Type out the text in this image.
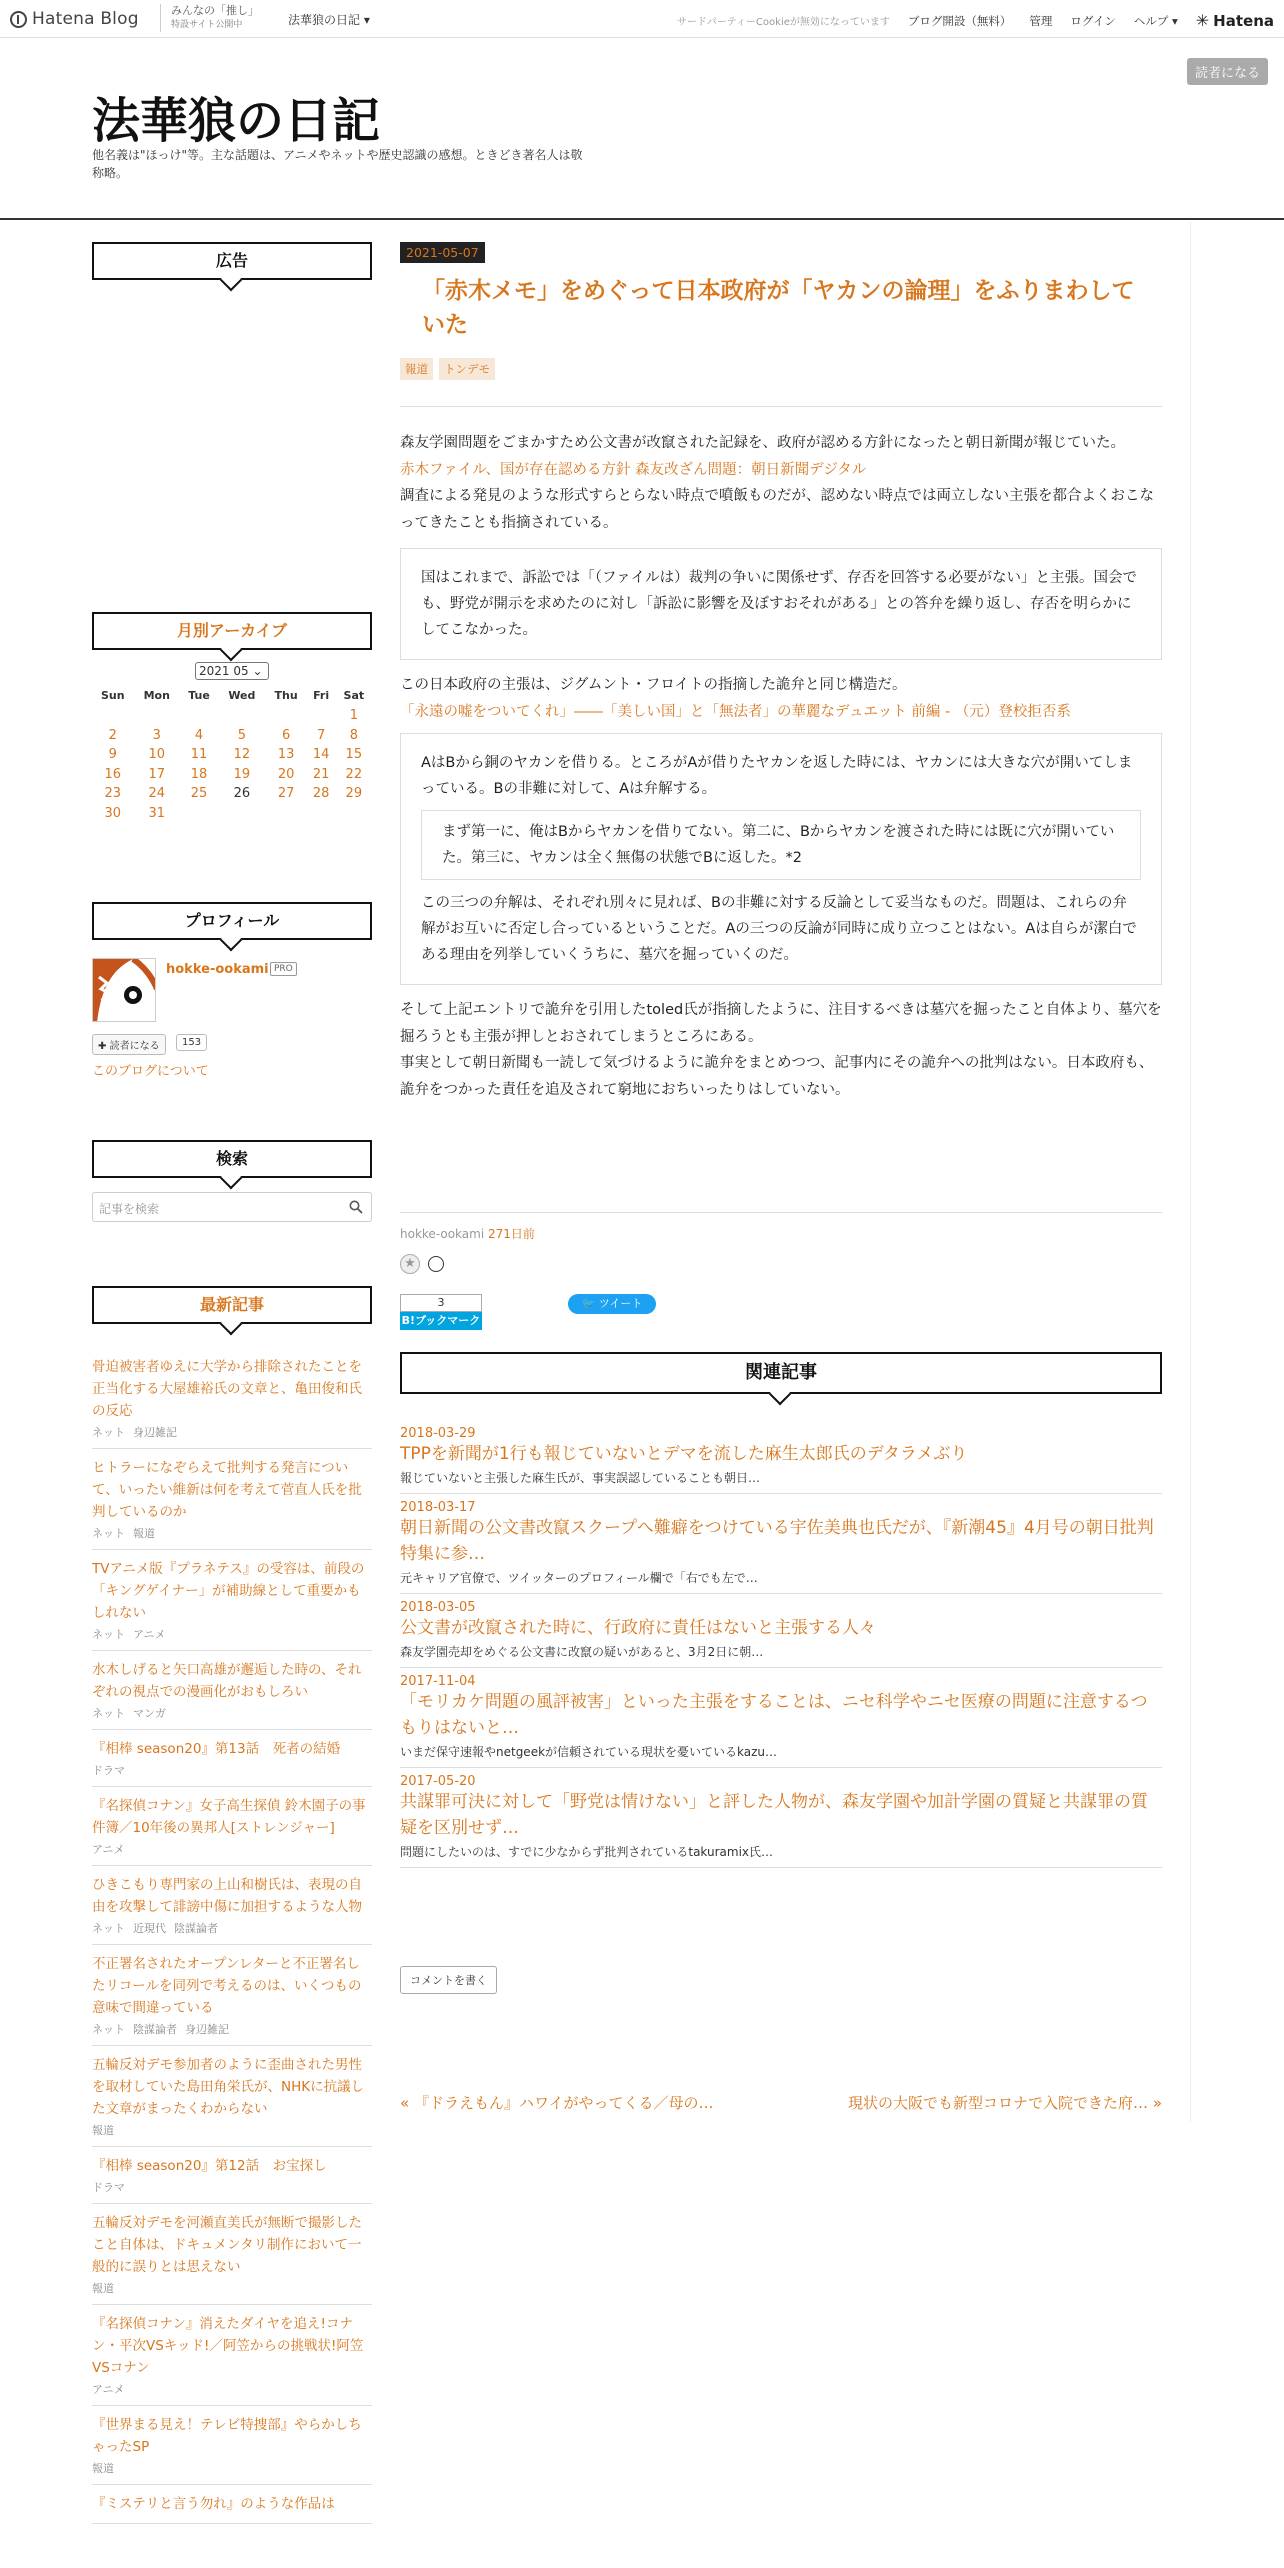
Hatena Blog	みんなの「推し」
特設サイト公開中	法華狼の日記 ▾	サードパーティーCookieが無効になっています ブログ開設（無料） 管理 ログイン ヘルプ ▾ ✳ Hatena
法華狼の日記
他名義は"ほっけ"等。主な話題は、アニメやネットや歴史認識の感想。ときどき著名人は敬称略。
読者になる
広告
月別アーカイブ
2021 05 ⌄
Sun	Mon	Tue	Wed	Thu	Fri	Sat
						1
2	3	4	5	6	7	8
9	10	11	12	13	14	15
16	17	18	19	20	21	22
23	24	25	26	27	28	29
30	31					
プロフィール
hokke-ookami PRO
✚ 読者になる	153
このブログについて
検索
記事を検索
最新記事
骨迫被害者ゆえに大学から排除されたことを正当化する大屋雄裕氏の文章と、亀田俊和氏の反応
ネット 身辺雑記
ヒトラーになぞらえて批判する発言について、いったい維新は何を考えて菅直人氏を批判しているのか
ネット 報道
TVアニメ版『プラネテス』の受容は、前段の「キングゲイナー」が補助線として重要かもしれない
ネット アニメ
水木しげると矢口高雄が邂逅した時の、それぞれの視点での漫画化がおもしろい
ネット マンガ
『相棒 season20』第13話　死者の結婚
ドラマ
『名探偵コナン』女子高生探偵 鈴木園子の事件簿／10年後の異邦人[ストレンジャー]
アニメ
ひきこもり専門家の上山和樹氏は、表現の自由を攻撃して誹謗中傷に加担するような人物
ネット 近現代 陰謀論者
不正署名されたオープンレターと不正署名したリコールを同列で考えるのは、いくつもの意味で間違っている
ネット 陰謀論者 身辺雑記
五輪反対デモ参加者のように歪曲された男性を取材していた島田角栄氏が、NHKに抗議した文章がまったくわからない
報道
『相棒 season20』第12話　お宝探し
ドラマ
五輪反対デモを河瀬直美氏が無断で撮影したこと自体は、ドキュメンタリ制作において一般的に誤りとは思えない
報道
『名探偵コナン』消えたダイヤを追え!コナン・平次VSキッド!／阿笠からの挑戦状!阿笠VSコナン
アニメ
『世界まる見え！テレビ特捜部』やらかしちゃったSP
報道
『ミステリと言う勿れ』のような作品は
2021-05-07
「赤木メモ」をめぐって日本政府が「ヤカンの論理」をふりまわしていた
報道	トンデモ

森友学園問題をごまかすため公文書が改竄された記録を、政府が認める方針になったと朝日新聞が報じていた。

赤木ファイル、国が存在認める方針 森友改ざん問題：朝日新聞デジタル

調査による発見のような形式すらとらない時点で噴飯ものだが、認めない時点では両立しない主張を都合よくおこなってきたことも指摘されている。

国はこれまで、訴訟では「（ファイルは）裁判の争いに関係せず、存否を回答する必要がない」と主張。国会でも、野党が開示を求めたのに対し「訴訟に影響を及ぼすおそれがある」との答弁を繰り返し、存否を明らかにしてこなかった。

この日本政府の主張は、ジグムント・フロイトの指摘した詭弁と同じ構造だ。

「永遠の嘘をついてくれ」――「美しい国」と「無法者」の華麗なデュエット 前編 - （元）登校拒否系

AはBから銅のヤカンを借りる。ところがAが借りたヤカンを返した時には、ヤカンには大きな穴が開いてしまっている。Bの非難に対して、Aは弁解する。

まず第一に、俺はBからヤカンを借りてない。第二に、Bからヤカンを渡された時には既に穴が開いていた。第三に、ヤカンは全く無傷の状態でBに返した。*2

この三つの弁解は、それぞれ別々に見れば、Bの非難に対する反論として妥当なものだ。問題は、これらの弁解がお互いに否定し合っているということだ。Aの三つの反論が同時に成り立つことはない。Aは自らが潔白である理由を列挙していくうちに、墓穴を掘っていくのだ。

そして上記エントリで詭弁を引用したtoled氏が指摘したように、注目するべきは墓穴を掘ったこと自体より、墓穴を掘ろうとも主張が押しとおされてしまうところにある。

事実として朝日新聞も一読して気づけるように詭弁をまとめつつ、記事内にその詭弁への批判はない。日本政府も、詭弁をつかった責任を追及されて窮地におちいったりはしていない。

hokke-ookami 271日前
★
3
B!ブックマーク
🐦 ツイート
関連記事
2018-03-29
TPPを新聞が1行も報じていないとデマを流した麻生太郎氏のデタラメぶり
報じていないと主張した麻生氏が、事実誤認していることも朝日…
2018-03-17
朝日新聞の公文書改竄スクープへ難癖をつけている宇佐美典也氏だが、『新潮45』4月号の朝日批判特集に参…
元キャリア官僚で、ツイッターのプロフィール欄で「右でも左で…
2018-03-05
公文書が改竄された時に、行政府に責任はないと主張する人々
森友学園売却をめぐる公文書に改竄の疑いがあると、3月2日に朝…
2017-11-04
「モリカケ問題の風評被害」といった主張をすることは、ニセ科学やニセ医療の問題に注意するつもりはないと…
いまだ保守速報やnetgeekが信頼されている現状を憂いているkazu…
2017-05-20
共謀罪可決に対して「野党は情けない」と評した人物が、森友学園や加計学園の質疑と共謀罪の質疑を区別せず…
問題にしたいのは、すでに少なからず批判されているtakuramix氏…
コメントを書く
« 『ドラえもん』ハワイがやってくる／母の…	現状の大阪でも新型コロナで入院できた府… »
